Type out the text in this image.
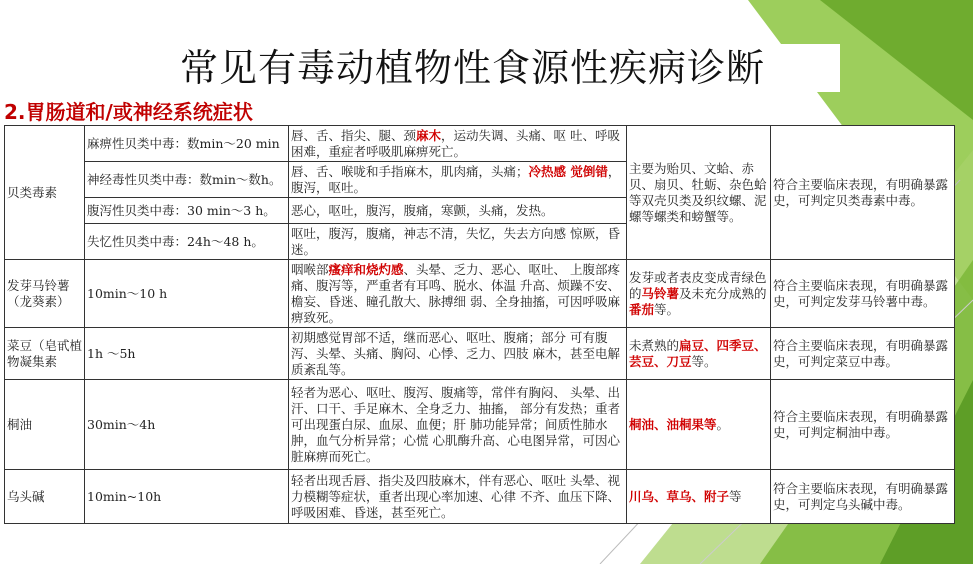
常见有毒动植物性食源性疾病诊断
2.胃肠道和/或神经系统症状
贝类毒素	麻痹性贝类中毒：数min～20 min	唇、舌、指尖、腿、颈麻木，运动失调、头痛、呕 吐、呼吸困难，重症者呼吸肌麻痹死亡。	主要为贻贝、文蛤、赤贝、扇贝、牡蛎、杂色蛤等双壳贝类及织纹螺、泥螺等螺类和螃蟹等。	符合主要临床表现，有明确暴露 史，可判定贝类毒素中毒。
	神经毒性贝类中毒：数min～数h。	唇、舌、喉咙和手指麻木，肌肉痛，头痛；冷热感 觉倒错，腹泻，呕吐。		
	腹泻性贝类中毒：30 min～3 h。	恶心，呕吐，腹泻，腹痛，寒颤，头痛，发热。		
	失忆性贝类中毒：24h～48 h。	呕吐，腹泻，腹痛，神志不清，失忆，失去方向感 惊厥，昏迷。		
发芽马铃薯（龙葵素）	10min～10 h	咽喉部瘙痒和烧灼感、头晕、乏力、恶心、呕吐、 上腹部疼痛、腹泻等，严重者有耳鸣、脱水、体温 升高、烦躁不安、檐妄、昏迷、瞳孔散大、脉搏细 弱、全身抽搐，可因呼吸麻痹致死。	发芽或者表皮变成青绿色的马铃薯及未充分成熟的番茄等。	符合主要临床表现，有明确暴露 史，可判定发芽马铃薯中毒。
菜豆（皂甙植物凝集素	1h ～5h	初期感觉胃部不适，继而恶心、呕吐、腹痛；部分 可有腹泻、头晕、头痛、胸闷、心悸、乏力、四肢 麻木，甚至电解质紊乱等。	未煮熟的扁豆、四季豆、芸豆、刀豆等。	符合主要临床表现，有明确暴露 史，可判定菜豆中毒。
桐油	30min～4h	轻者为恶心、呕吐、腹泻、腹痛等，常伴有胸闷、 头晕、出汗、口干、手足麻木、全身乏力、抽搐， 部分有发热；重者可出现蛋白尿、血尿、血便；肝 肺功能异常；间质性肺水肿，血气分析异常；心慌 心肌酶升高、心电图异常，可因心脏麻痹而死亡。	桐油、油桐果等。	符合主要临床表现，有明确暴露 史，可判定桐油中毒。
乌头碱	10min~10h	轻者出现舌唇、指尖及四肢麻木，伴有恶心、呕吐 头晕、视力模糊等症状，重者出现心率加速、心律 不齐、血压下降、呼吸困难、昏迷，甚至死亡。	川乌、草乌、附子等	符合主要临床表现，有明确暴露 史，可判定乌头碱中毒。
